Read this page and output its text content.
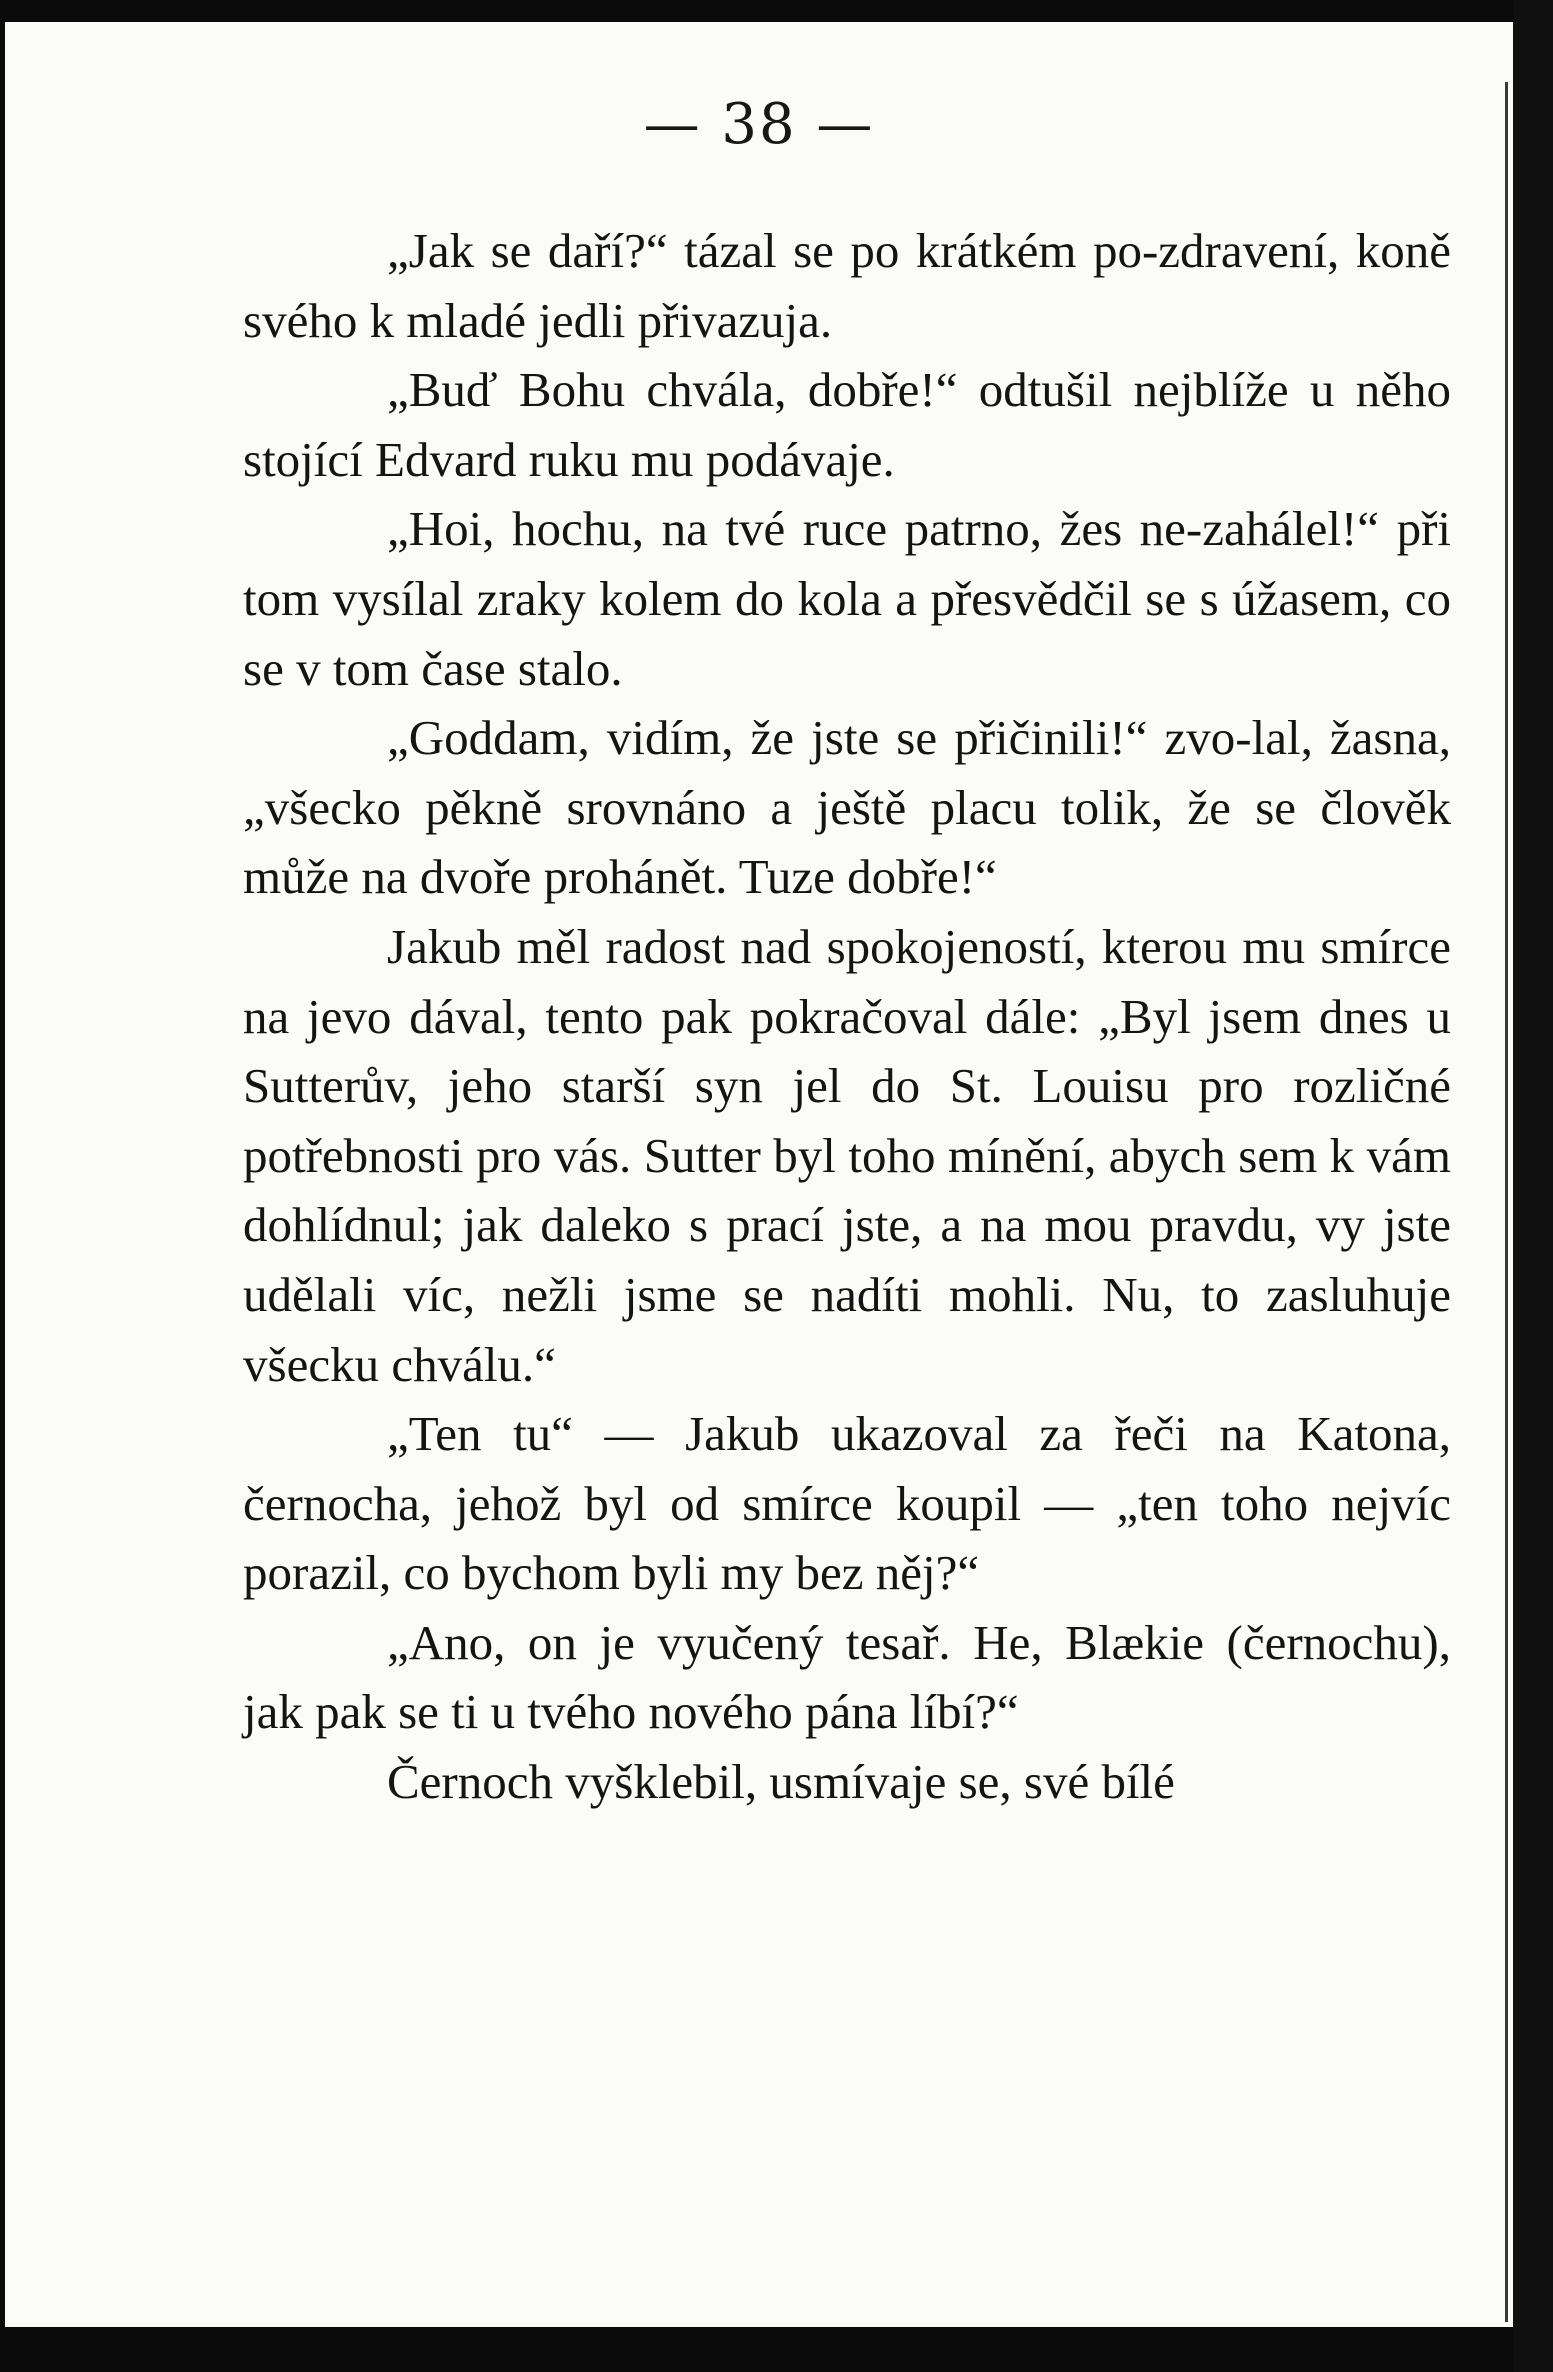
— 38 —

„Jak se daří?“ tázal se po krátkém po-zdravení, koně svého k mladé jedli přivazuja.

„Buď Bohu chvála, dobře!“ odtušil nejblíže u něho stojící Edvard ruku mu podávaje.

„Hoi, hochu, na tvé ruce patrno, žes ne-zahálel!“ při tom vysílal zraky kolem do kola a přesvědčil se s úžasem, co se v tom čase stalo.

„Goddam, vidím, že jste se přičinili!“ zvo-lal, žasna, „všecko pěkně srovnáno a ještě placu tolik, že se člověk může na dvoře prohánět. Tuze dobře!“

Jakub měl radost nad spokojeností, kterou mu smírce na jevo dával, tento pak pokračoval dále: „Byl jsem dnes u Sutterův, jeho starší syn jel do St. Louisu pro rozličné potřebnosti pro vás. Sutter byl toho mínění, abych sem k vám dohlídnul; jak daleko s prací jste, a na mou pravdu, vy jste udělali víc, nežli jsme se nadíti mohli. Nu, to zasluhuje všecku chválu.“

„Ten tu“ — Jakub ukazoval za řeči na Katona, černocha, jehož byl od smírce koupil — „ten toho nejvíc porazil, co bychom byli my bez něj?“

„Ano, on je vyučený tesař. He, Blækie (černochu), jak pak se ti u tvého nového pána líbí?“

Černoch vyšklebil, usmívaje se, své bílé
